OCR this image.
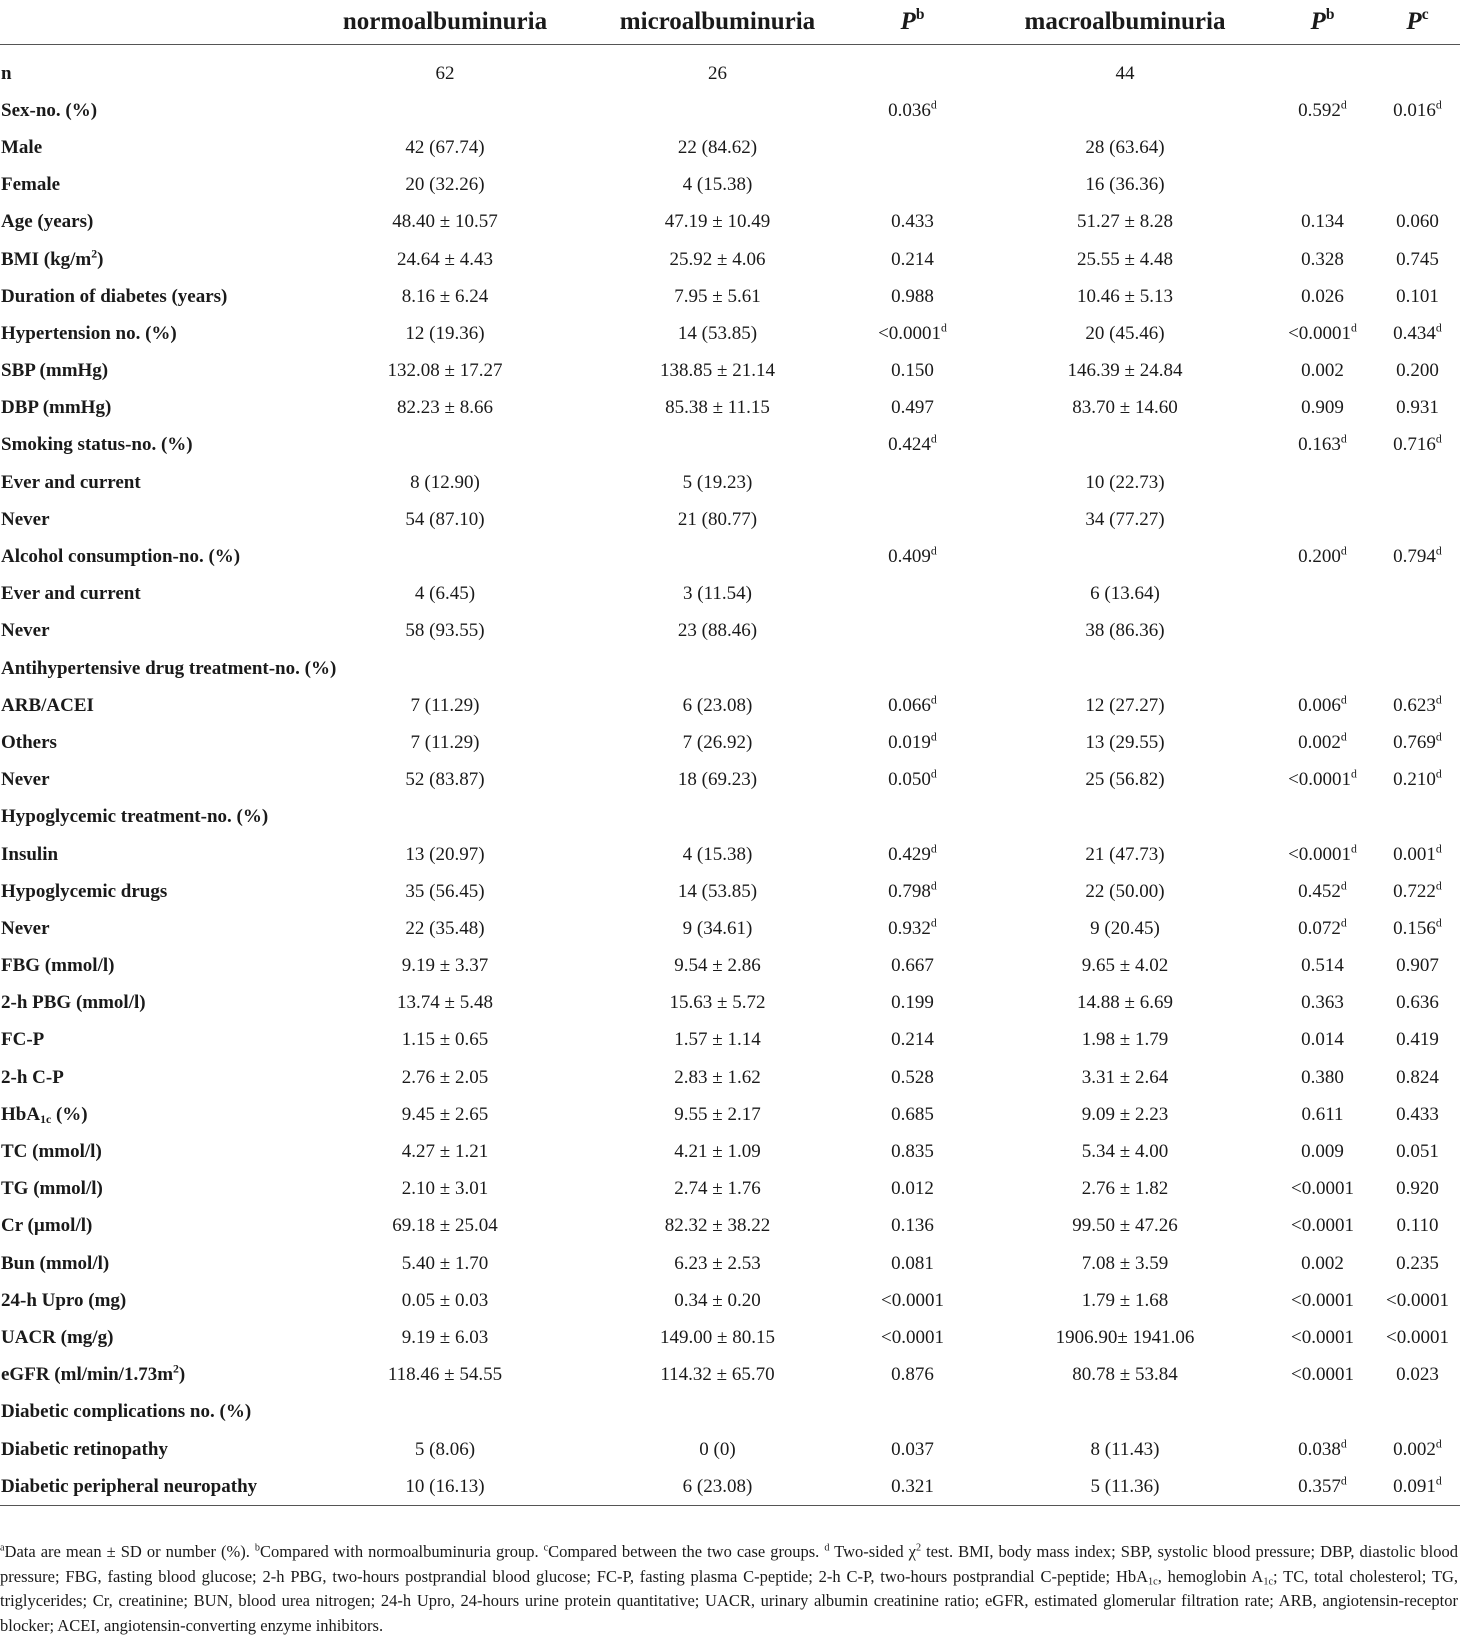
	normoalbuminuria	microalbuminuria	$P^b$	macroalbuminuria	$P^b$	$P^c$
n	62	26		44		
Sex-no. (%)			0.036$^d$		0.592$^d$	0.016$^d$
Male	42 (67.74)	22 (84.62)		28 (63.64)		
Female	20 (32.26)	4 (15.38)		16 (36.36)		
Age (years)	48.40 ± 10.57	47.19 ± 10.49	0.433	51.27 ± 8.28	0.134	0.060
BMI $(kg/m^2)$	24.64 ± 4.43	25.92 ± 4.06	0.214	25.55 ± 4.48	0.328	0.745
Duration of diabetes (years)	8.16 ± 6.24	7.95 ± 5.61	0.988	10.46 ± 5.13	0.026	0.101
Hypertension no. (%)	12 (19.36)	14 (53.85)	<0.0001$^d$	20 (45.46)	<0.0001$^d$	0.434$^d$
SBP (mmHg)	132.08 ± 17.27	138.85 ± 21.14	0.150	146.39 ± 24.84	0.002	0.200
DBP (mmHg)	82.23 ± 8.66	85.38 ± 11.15	0.497	83.70 ± 14.60	0.909	0.931
Smoking status-no. (%)			0.424$^d$		0.163$^d$	0.716$^d$
Ever and current	8 (12.90)	5 (19.23)		10 (22.73)		
Never	54 (87.10)	21 (80.77)		34 (77.27)		
Alcohol consumption-no. (%)			0.409$^d$		0.200$^d$	0.794$^d$
Ever and current	4 (6.45)	3 (11.54)		6 (13.64)		
Never	58 (93.55)	23 (88.46)		38 (86.36)		
Antihypertensive drug treatment-no. (%)						
ARB/ACEI	7 (11.29)	6 (23.08)	0.066$^d$	12 (27.27)	0.006$^d$	0.623$^d$
Others	7 (11.29)	7 (26.92)	0.019$^d$	13 (29.55)	0.002$^d$	0.769$^d$
Never	52 (83.87)	18 (69.23)	0.050$^d$	25 (56.82)	<0.0001$^d$	0.210$^d$
Hypoglycemic treatment-no. (%)						
Insulin	13 (20.97)	4 (15.38)	0.429$^d$	21 (47.73)	<0.0001$^d$	0.001$^d$
Hypoglycemic drugs	35 (56.45)	14 (53.85)	0.798$^d$	22 (50.00)	0.452$^d$	0.722$^d$
Never	22 (35.48)	9 (34.61)	0.932$^d$	9 (20.45)	0.072$^d$	0.156$^d$
FBG (mmol/l)	9.19 ± 3.37	9.54 ± 2.86	0.667	9.65 ± 4.02	0.514	0.907
2-h PBG (mmol/l)	13.74 ± 5.48	15.63 ± 5.72	0.199	14.88 ± 6.69	0.363	0.636
FC-P	1.15 ± 0.65	1.57 ± 1.14	0.214	1.98 ± 1.79	0.014	0.419
2-h C-P	2.76 ± 2.05	2.83 ± 1.62	0.528	3.31 ± 2.64	0.380	0.824
HbA$_{1c}$ (%)	9.45 ± 2.65	9.55 ± 2.17	0.685	9.09 ± 2.23	0.611	0.433
TC (mmol/l)	4.27 ± 1.21	4.21 ± 1.09	0.835	5.34 ± 4.00	0.009	0.051
TG (mmol/l)	2.10 ± 3.01	2.74 ± 1.76	0.012	2.76 ± 1.82	<0.0001	0.920
Cr (µmol/l)	69.18 ± 25.04	82.32 ± 38.22	0.136	99.50 ± 47.26	<0.0001	0.110
Bun (mmol/l)	5.40 ± 1.70	6.23 ± 2.53	0.081	7.08 ± 3.59	0.002	0.235
24-h Upro (mg)	0.05 ± 0.03	0.34 ± 0.20	<0.0001	1.79 ± 1.68	<0.0001	<0.0001
UACR (mg/g)	9.19 ± 6.03	149.00 ± 80.15	<0.0001	1906.90± 1941.06	<0.0001	<0.0001
eGFR $(ml/\min/1.73m^2)$	118.46 ± 54.55	114.32 ± 65.70	0.876	80.78 ± 53.84	<0.0001	0.023
Diabetic complications no. (%)						
Diabetic retinopathy	5 (8.06)	0 (0)	0.037	8 (11.43)	0.038$^d$	0.002$^d$
Diabetic peripheral neuropathy	10 (16.13)	6 (23.08)	0.321	5 (11.36)	0.357$^d$	0.091$^d$

$^a$Data are mean ± SD or number (%). $^b$Compared with normoalbuminuria group. $^c$Compared between the two case groups. $^d$ Two-sided $\chi^2$ test. BMI, body mass index; SBP, systolic blood pressure; DBP, diastolic blood pressure; FBG, fasting blood glucose; 2-h PBG, two-hours postprandial blood glucose; FC-P, fasting plasma C-peptide; 2-h C-P, two-hours postprandial C-peptide; HbA$_{1c}$, hemoglobin $A_{1c}$; TC, total cholesterol; TG, triglycerides; Cr, creatinine; BUN, blood urea nitrogen; 24-h Upro, 24-hours urine protein quantitative; UACR, urinary albumin creatinine ratio; eGFR, estimated glomerular filtration rate; ARB, angiotensin-receptor blocker; ACEI, angiotensin-converting enzyme inhibitors.
